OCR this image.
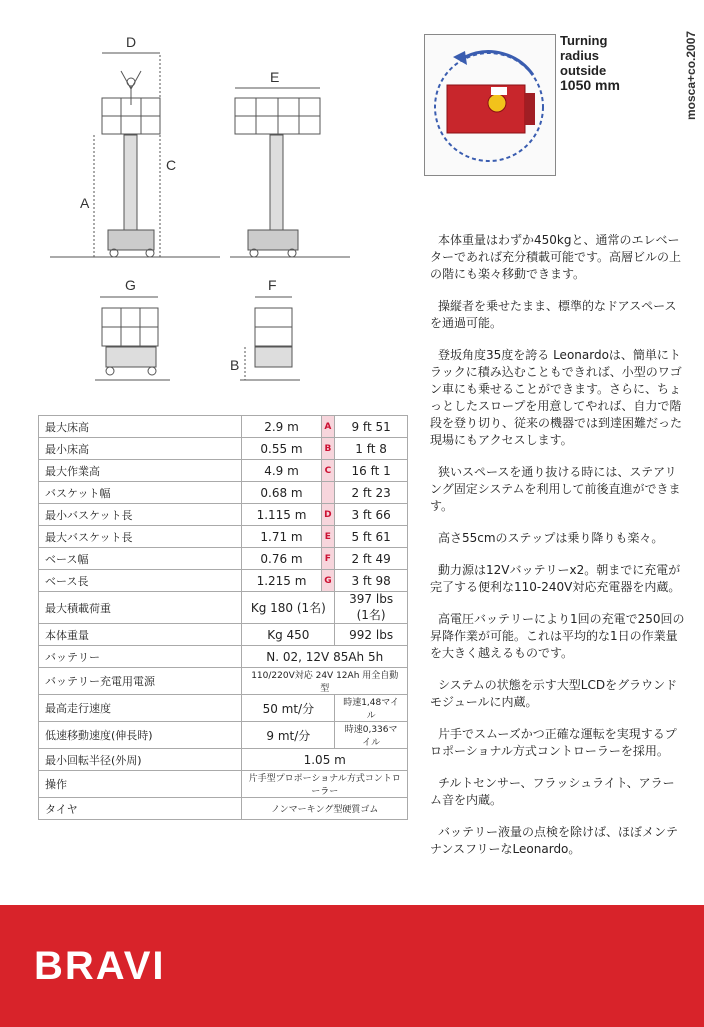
D
C
A
E
G	F
B
Turning
radius
outside
1050 mm	mosca+co.2007
最大床高	2.9 m	A	9 ft 51
最小床高	0.55 m	B	1 ft 8
最大作業高	4.9 m	C	16 ft 1
バスケット幅	0.68 m		2 ft 23
最小バスケット長	1.115 m	D	3 ft 66
最大バスケット長	1.71 m	E	5 ft 61
ベース幅	0.76 m	F	2 ft 49
ベース長	1.215 m	G	3 ft 98
最大積載荷重	Kg 180 (1名)		397 lbs (1名)
本体重量	Kg 450		992 lbs
バッテリー	N. 02, 12V 85Ah 5h		
バッテリー充電用電源	110/220V対応 24V 12Ah 用全自動型		
最高走行速度	50 mt/分		時速1,48マイル
低速移動速度(伸長時)	9 mt/分		時速0,336マイル
最小回転半径(外周)	1.05 m		
操作	片手型プロポーショナル方式コントローラー		
タイヤ	ノンマーキング型硬質ゴム		

本体重量はわずか450kgと、通常のエレベーターであれば充分積載可能です。高層ビルの上の階にも楽々移動できます。

操縦者を乗せたまま、標準的なドアスペースを通過可能。

登坂角度35度を誇る Leonardoは、簡単にトラックに積み込むこともできれば、小型のワゴン車にも乗せることができます。さらに、ちょっとしたスロープを用意してやれば、自力で階段を登り切り、従来の機器では到達困難だった現場にもアクセスします。

狭いスペースを通り抜ける時には、ステアリング固定システムを利用して前後直進ができます。

高さ55cmのステップは乗り降りも楽々。

動力源は12Vバッテリーx2。朝までに充電が完了する便利な110-240V対応充電器を内蔵。

高電圧バッテリーにより1回の充電で250回の昇降作業が可能。これは平均的な1日の作業量を大きく越えるものです。

システムの状態を示す大型LCDをグラウンドモジュールに内蔵。

片手でスムーズかつ正確な運転を実現するプロポーショナル方式コントローラーを採用。

チルトセンサー、フラッシュライト、アラーム音を内蔵。

バッテリー液量の点検を除けば、ほぼメンテナンスフリーなLeonardo。

BRAVI
